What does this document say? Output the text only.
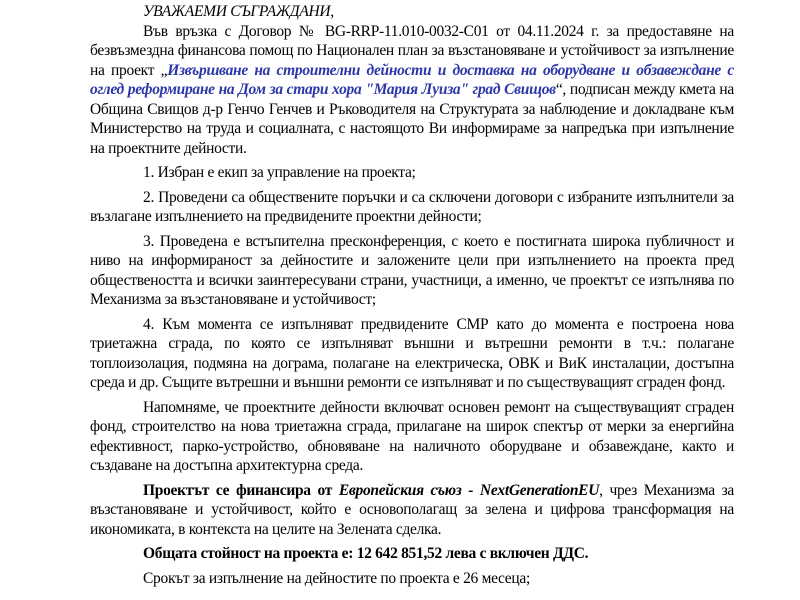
УВАЖАЕМИ СЪГРАЖДАНИ,

Във връзка с Договор № BG-RRP-11.010-0032-C01 от 04.11.2024 г. за предоставяне на безвъзмездна финансова помощ по Национален план за възстановяване и устойчивост за изпълнение на проект „Извършване на строителни дейности и доставка на оборудване и обзавеждане с оглед реформиране на Дом за стари хора "Мария Луиза" град Свищов“, подписан между кмета на Община Свищов д-р Генчо Генчев и Ръководителя на Структурата за наблюдение и докладване към Министерство на труда и социалната, с настоящото Ви информираме за напредъка при изпълнение на проектните дейности.

1. Избран е екип за управление на проекта;

2. Проведени са обществените поръчки и са сключени договори с избраните изпълнители за възлагане изпълнението на предвидените проектни дейности;

3. Проведена е встъпителна пресконференция, с което е постигната широка публичност и ниво на информираност за дейностите и заложените цели при изпълнението на проекта пред обществеността и всички заинтересувани страни, участници, а именно, че проектът се изпълнява по Механизма за възстановяване и устойчивост;

4. Към момента се изпълняват предвидените СМР като до момента е построена нова триетажна сграда, по която се изпълняват външни и вътрешни ремонти в т.ч.: полагане топлоизолация, подмяна на дограма, полагане на електрическа, ОВК и ВиК инсталации, достъпна среда и др. Същите вътрешни и външни ремонти се изпълняват и по съществуващият сграден фонд.

Напомняме, че проектните дейности включват основен ремонт на съществуващият сграден фонд, строителство на нова триетажна сграда, прилагане на широк спектър от мерки за енергийна ефективност, парко-устройство, обновяване на наличното оборудване и обзавеждане, както и създаване на достъпна архитектурна среда.

Проектът се финансира от Европейския съюз - NextGenerationEU, чрез Механизма за възстановяване и устойчивост, който е основополагащ за зелена и цифрова трансформация на икономиката, в контекста на целите на Зелената сделка.

Общата стойност на проекта е: 12 642 851,52 лева с включен ДДС.

Срокът за изпълнение на дейностите по проекта е 26 месеца;
